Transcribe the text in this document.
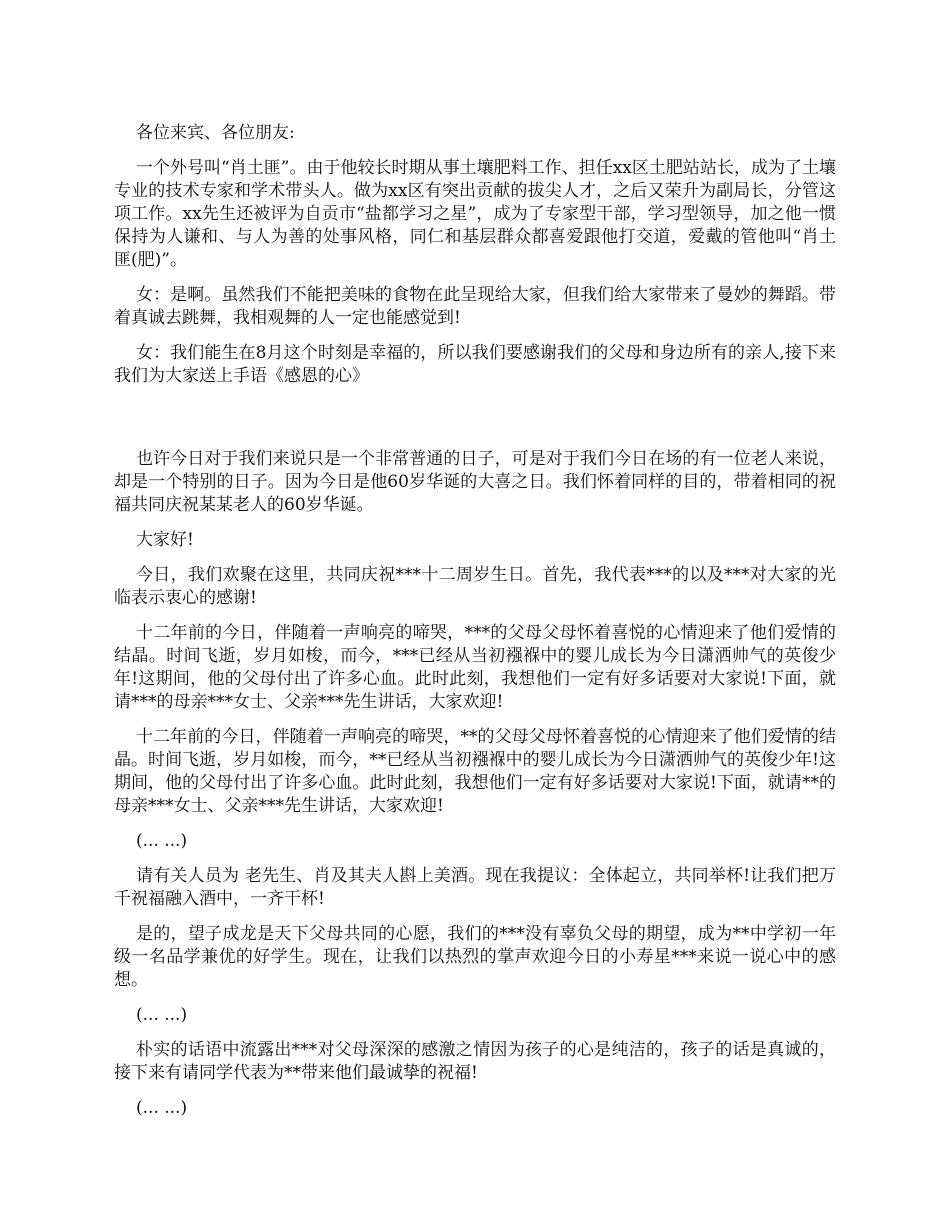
各位来宾、各位朋友:

一个外号叫“肖土匪”。由于他较长时期从事土壤肥料工作、担任xx区土肥站站长，成为了土壤专业的技术专家和学术带头人。做为xx区有突出贡献的拔尖人才，之后又荣升为副局长，分管这项工作。xx先生还被评为自贡市“盐都学习之星”，成为了专家型干部，学习型领导，加之他一惯保持为人谦和、与人为善的处事风格，同仁和基层群众都喜爱跟他打交道，爱戴的管他叫“肖土匪(肥)”。

女：是啊。虽然我们不能把美味的食物在此呈现给大家，但我们给大家带来了曼妙的舞蹈。带着真诚去跳舞，我相观舞的人一定也能感觉到!

女：我们能生在8月这个时刻是幸福的，所以我们要感谢我们的父母和身边所有的亲人,接下来我们为大家送上手语《感恩的心》

也许今日对于我们来说只是一个非常普通的日子，可是对于我们今日在场的有一位老人来说，却是一个特别的日子。因为今日是他60岁华诞的大喜之日。我们怀着同样的目的，带着相同的祝福共同庆祝某某老人的60岁华诞。

大家好!

今日，我们欢聚在这里，共同庆祝***十二周岁生日。首先，我代表***的以及***对大家的光临表示衷心的感谢!

十二年前的今日，伴随着一声响亮的啼哭，***的父母父母怀着喜悦的心情迎来了他们爱情的结晶。时间飞逝，岁月如梭，而今，***已经从当初襁褓中的婴儿成长为今日潇洒帅气的英俊少年!这期间，他的父母付出了许多心血。此时此刻，我想他们一定有好多话要对大家说!下面，就请***的母亲***女士、父亲***先生讲话，大家欢迎!

十二年前的今日，伴随着一声响亮的啼哭，**的父母父母怀着喜悦的心情迎来了他们爱情的结晶。时间飞逝，岁月如梭，而今，**已经从当初襁褓中的婴儿成长为今日潇洒帅气的英俊少年!这期间，他的父母付出了许多心血。此时此刻，我想他们一定有好多话要对大家说!下面，就请**的母亲***女士、父亲***先生讲话，大家欢迎!

(... ...)

请有关人员为 老先生、肖及其夫人斟上美酒。现在我提议：全体起立，共同举杯!让我们把万千祝福融入酒中，一齐干杯!

是的，望子成龙是天下父母共同的心愿，我们的***没有辜负父母的期望，成为**中学初一年级一名品学兼优的好学生。现在，让我们以热烈的掌声欢迎今日的小寿星***来说一说心中的感想。

(... ...)

朴实的话语中流露出***对父母深深的感激之情因为孩子的心是纯洁的，孩子的话是真诚的，接下来有请同学代表为**带来他们最诚挚的祝福!

(... ...)
